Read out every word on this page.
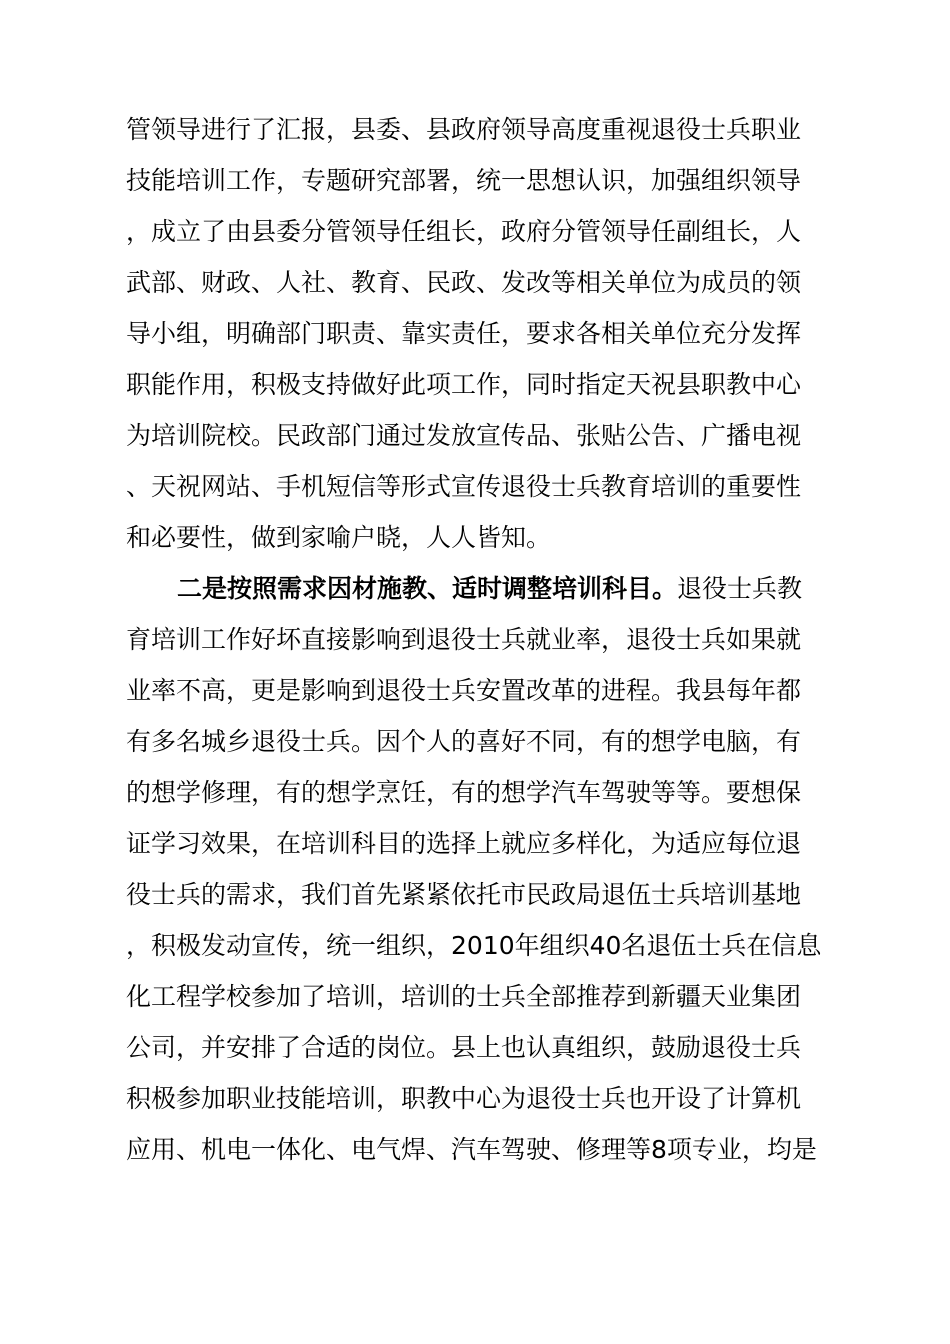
管领导进行了汇报，县委、县政府领导高度重视退役士兵职业
技能培训工作，专题研究部署，统一思想认识，加强组织领导
，成立了由县委分管领导任组长，政府分管领导任副组长，人
武部、财政、人社、教育、民政、发改等相关单位为成员的领
导小组，明确部门职责、靠实责任，要求各相关单位充分发挥
职能作用，积极支持做好此项工作，同时指定天祝县职教中心
为培训院校。民政部门通过发放宣传品、张贴公告、广播电视
、天祝网站、手机短信等形式宣传退役士兵教育培训的重要性
和必要性，做到家喻户晓，人人皆知。
二是按照需求因材施教、适时调整培训科目。退役士兵教
育培训工作好坏直接影响到退役士兵就业率，退役士兵如果就
业率不高，更是影响到退役士兵安置改革的进程。我县每年都
有多名城乡退役士兵。因个人的喜好不同，有的想学电脑，有
的想学修理，有的想学烹饪，有的想学汽车驾驶等等。要想保
证学习效果，在培训科目的选择上就应多样化，为适应每位退
役士兵的需求，我们首先紧紧依托市民政局退伍士兵培训基地
，积极发动宣传，统一组织，2010年组织40名退伍士兵在信息
化工程学校参加了培训，培训的士兵全部推荐到新疆天业集团
公司，并安排了合适的岗位。县上也认真组织，鼓励退役士兵
积极参加职业技能培训，职教中心为退役士兵也开设了计算机
应用、机电一体化、电气焊、汽车驾驶、修理等8项专业，均是
